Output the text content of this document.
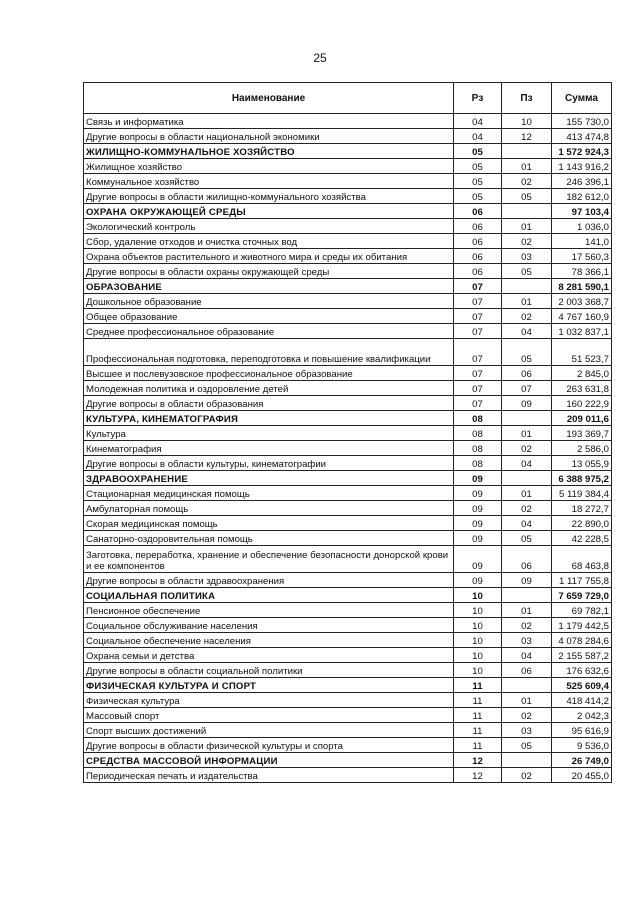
25
Наименование	Рз	Пз	Сумма
Связь и информатика	04	10	155 730,0
Другие вопросы в области национальной экономики	04	12	413 474,8
ЖИЛИЩНО-КОММУНАЛЬНОЕ ХОЗЯЙСТВО	05		1 572 924,3
Жилищное хозяйство	05	01	1 143 916,2
Коммунальное хозяйство	05	02	246 396,1
Другие вопросы в области жилищно-коммунального хозяйства	05	05	182 612,0
ОХРАНА ОКРУЖАЮЩЕЙ СРЕДЫ	06		97 103,4
Экологический контроль	06	01	1 036,0
Сбор, удаление отходов и очистка сточных вод	06	02	141,0
Охрана объектов растительного и животного мира и среды их обитания	06	03	17 560,3
Другие вопросы в области охраны окружающей среды	06	05	78 366,1
ОБРАЗОВАНИЕ	07		8 281 590,1
Дошкольное образование	07	01	2 003 368,7
Общее образование	07	02	4 767 160,9
Среднее профессиональное образование	07	04	1 032 837,1
Профессиональная подготовка, переподготовка и повышение квалификации	07	05	51 523,7
Высшее и послевузовское профессиональное образование	07	06	2 845,0
Молодежная политика и оздоровление детей	07	07	263 631,8
Другие вопросы в области образования	07	09	160 222,9
КУЛЬТУРА, КИНЕМАТОГРАФИЯ	08		209 011,6
Культура	08	01	193 369,7
Кинематография	08	02	2 586,0
Другие вопросы в области культуры, кинематографии	08	04	13 055,9
ЗДРАВООХРАНЕНИЕ	09		6 388 975,2
Стационарная медицинская помощь	09	01	5 119 384,4
Амбулаторная помощь	09	02	18 272,7
Скорая медицинская помощь	09	04	22 890,0
Санаторно-оздоровительная помощь	09	05	42 228,5
Заготовка, переработка, хранение и обеспечение безопасности донорской крови и ее компонентов	09	06	68 463,8
Другие вопросы в области здравоохранения	09	09	1 117 755,8
СОЦИАЛЬНАЯ ПОЛИТИКА	10		7 659 729,0
Пенсионное обеспечение	10	01	69 782,1
Социальное обслуживание населения	10	02	1 179 442,5
Социальное обеспечение населения	10	03	4 078 284,6
Охрана семьи и детства	10	04	2 155 587,2
Другие вопросы в области социальной политики	10	06	176 632,6
ФИЗИЧЕСКАЯ КУЛЬТУРА И СПОРТ	11		525 609,4
Физическая культура	11	01	418 414,2
Массовый спорт	11	02	2 042,3
Спорт высших достижений	11	03	95 616,9
Другие вопросы в области физической культуры и спорта	11	05	9 536,0
СРЕДСТВА МАССОВОЙ ИНФОРМАЦИИ	12		26 749,0
Периодическая печать и издательства	12	02	20 455,0
